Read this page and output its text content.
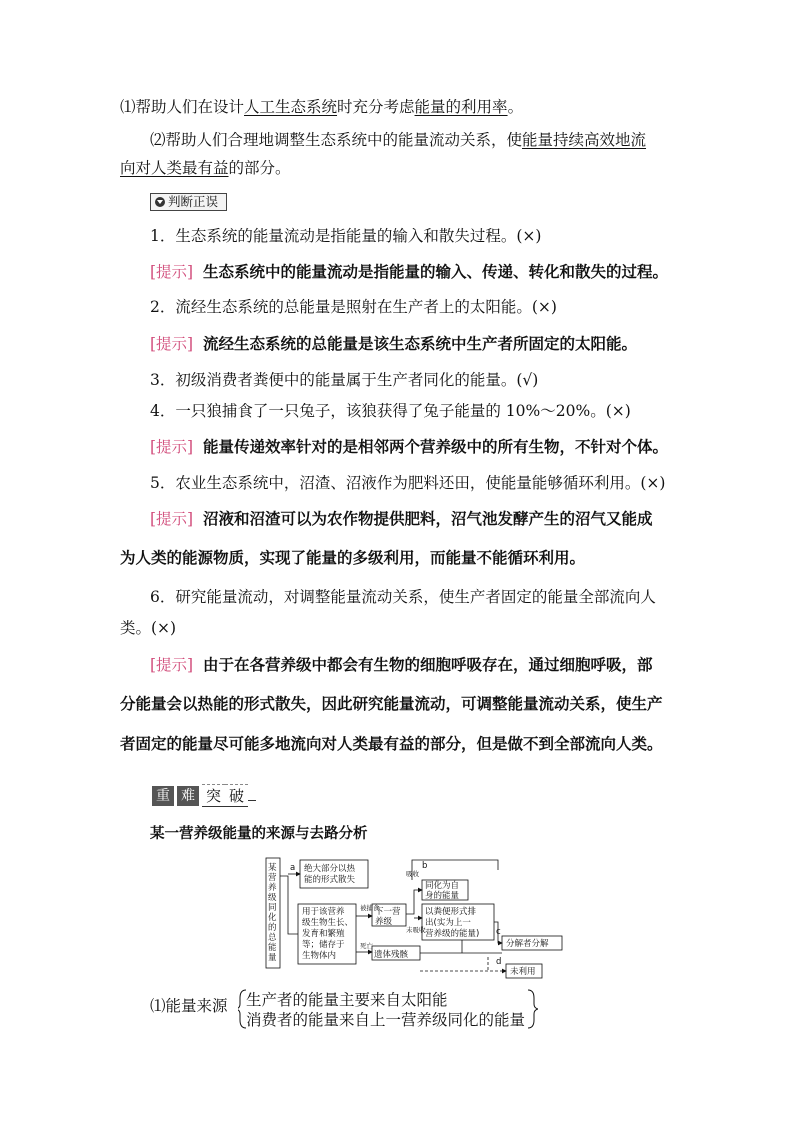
⑴帮助人们在设计人工生态系统时充分考虑能量的利用率。
⑵帮助人们合理地调整生态系统中的能量流动关系，使能量持续高效地流
向对人类最有益的部分。
判断正误
1．生态系统的能量流动是指能量的输入和散失过程。(×)
[提示] 生态系统中的能量流动是指能量的输入、传递、转化和散失的过程。
2．流经生态系统的总能量是照射在生产者上的太阳能。(×)
[提示] 流经生态系统的总能量是该生态系统中生产者所固定的太阳能。
3．初级消费者粪便中的能量属于生产者同化的能量。(√)
4．一只狼捕食了一只兔子，该狼获得了兔子能量的 10%～20%。(×)
[提示] 能量传递效率针对的是相邻两个营养级中的所有生物，不针对个体。
5．农业生态系统中，沼渣、沼液作为肥料还田，使能量能够循环利用。(×)
[提示] 沼液和沼渣可以为农作物提供肥料，沼气池发酵产生的沼气又能成
为人类的能源物质，实现了能量的多级利用，而能量不能循环利用。
6．研究能量流动，对调整能量流动关系，使生产者固定的能量全部流向人
类。(×)
[提示] 由于在各营养级中都会有生物的细胞呼吸存在，通过细胞呼吸，部
分能量会以热能的形式散失，因此研究能量流动，可调整能量流动关系，使生产
者固定的能量尽可能多地流向对人类最有益的部分，但是做不到全部流向人类。
重 难 突 破
某一营养级能量的来源与去路分析
某营养级同化的总能量
a 绝大部分以热能的形式散失
用于该营养级生物生长、发育和繁殖等；储存于生物体内
被捕食
死亡
下一营养级
遗体残骸
吸收
未吸收
b
同化为自身的能量
以粪便形式排出(实为上一营养级的能量) c
分解者分解
d
未利用
⑴能量来源 生产者的能量主要来自太阳能
消费者的能量来自上一营养级同化的能量
